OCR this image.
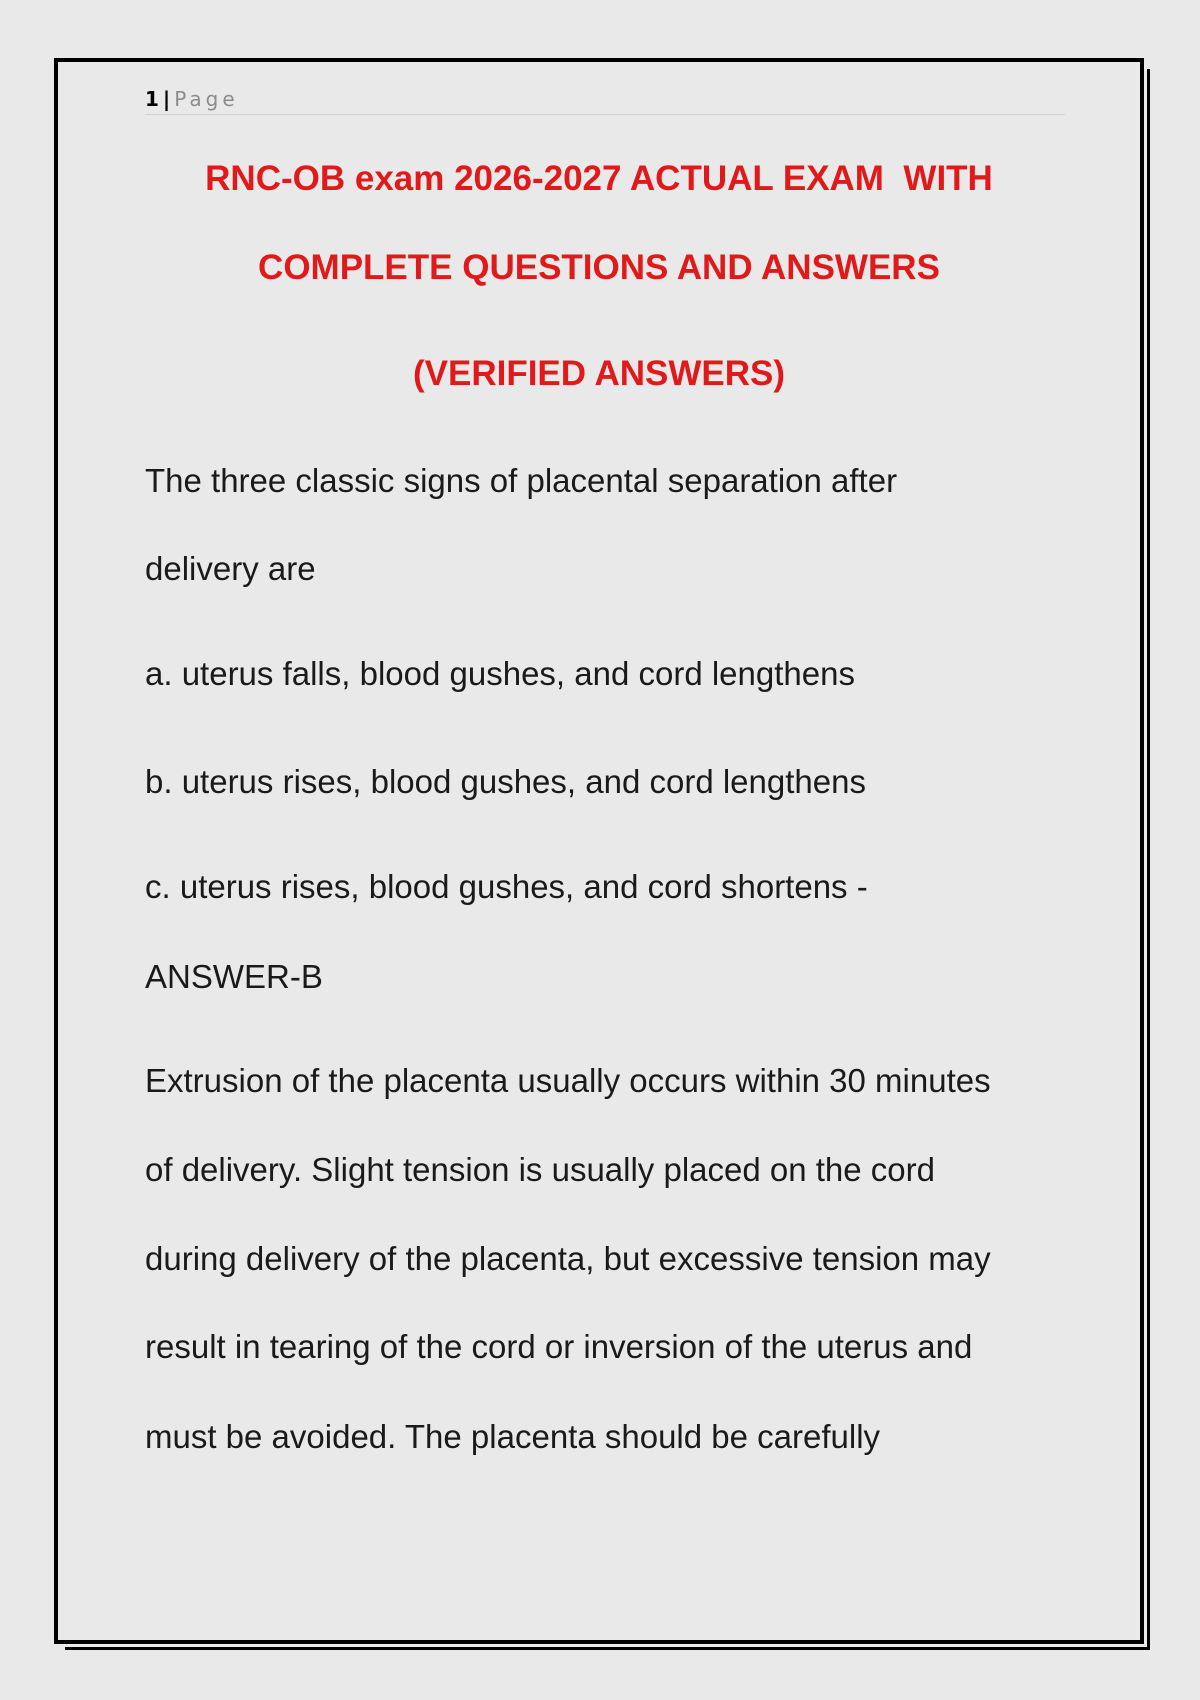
1 | Page
RNC-OB exam 2026-2027 ACTUAL EXAM  WITH
COMPLETE QUESTIONS AND ANSWERS
(VERIFIED ANSWERS)
The three classic signs of placental separation after
delivery are
a. uterus falls, blood gushes, and cord lengthens
b. uterus rises, blood gushes, and cord lengthens
c. uterus rises, blood gushes, and cord shortens -
ANSWER-B
Extrusion of the placenta usually occurs within 30 minutes
of delivery. Slight tension is usually placed on the cord
during delivery of the placenta, but excessive tension may
result in tearing of the cord or inversion of the uterus and
must be avoided. The placenta should be carefully
